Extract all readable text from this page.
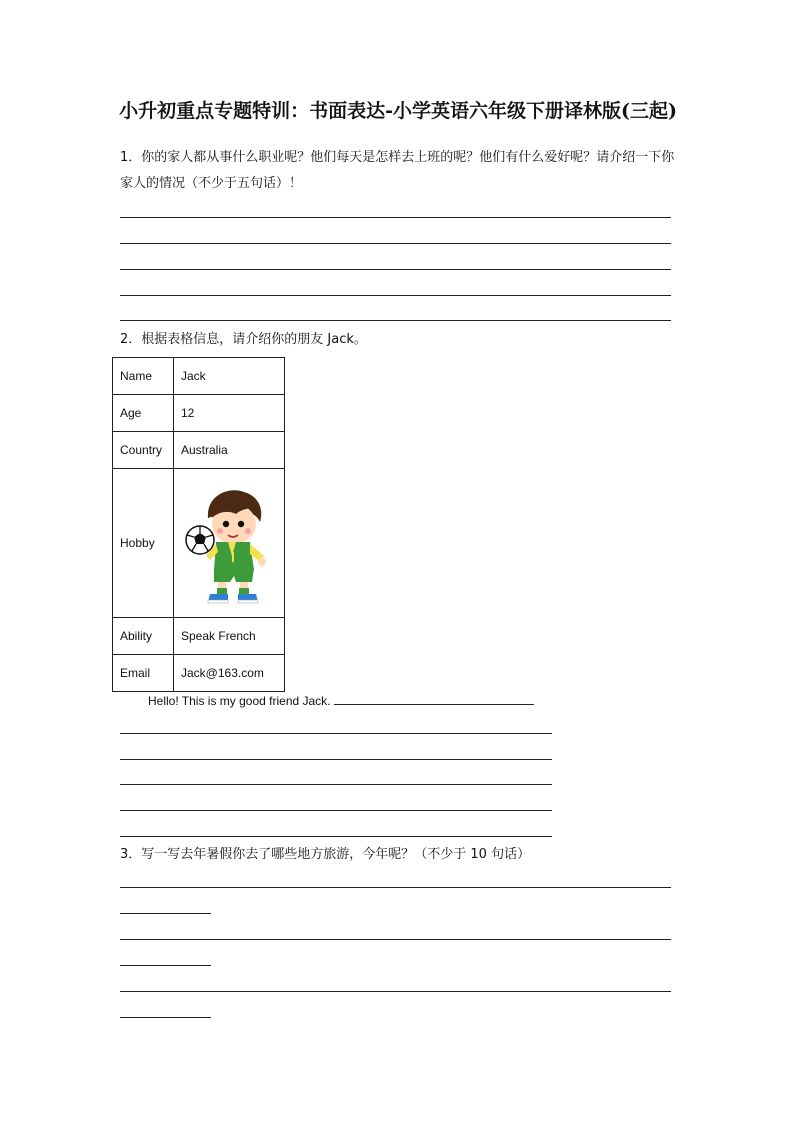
小升初重点专题特训：书面表达-小学英语六年级下册译林版(三起)
1．你的家人都从事什么职业呢？他们每天是怎样去上班的呢？他们有什么爱好呢？请介绍一下你家人的情况（不少于五句话）！
2．根据表格信息，请介绍你的朋友 Jack。
Name	Jack
Age	12
Country	Australia
Hobby	

Ability	Speak French
Email	Jack@163.com
Hello! This is my good friend Jack.
3．写一写去年暑假你去了哪些地方旅游，今年呢？（不少于 10 句话）
